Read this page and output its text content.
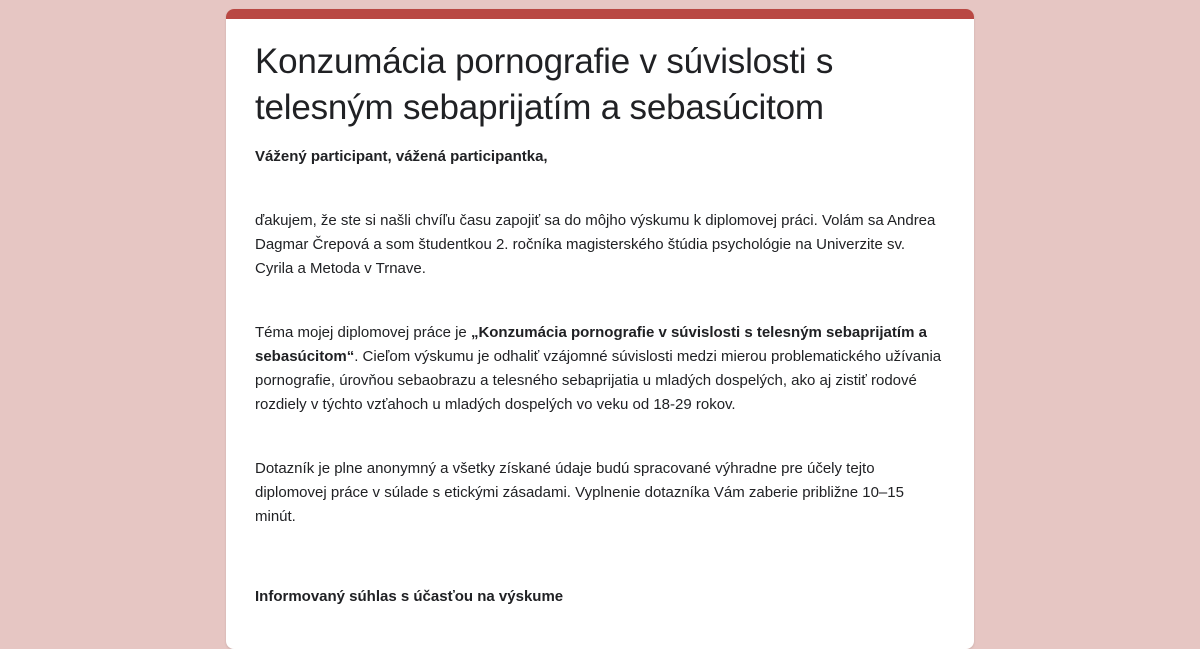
Konzumácia pornografie v súvislosti s telesným sebaprijatím a sebasúcitom

Vážený participant, vážená participantka,

ďakujem, že ste si našli chvíľu času zapojiť sa do môjho výskumu k diplomovej práci. Volám sa Andrea Dagmar Črepová a som študentkou 2. ročníka magisterského štúdia psychológie na Univerzite sv. Cyrila a Metoda v Trnave.

Téma mojej diplomovej práce je „Konzumácia pornografie v súvislosti s telesným sebaprijatím a sebasúcitom“. Cieľom výskumu je odhaliť vzájomné súvislosti medzi mierou problematického užívania pornografie, úrovňou sebaobrazu a telesného sebaprijatia u mladých dospelých, ako aj zistiť rodové rozdiely v týchto vzťahoch u mladých dospelých vo veku od 18-29 rokov.

Dotazník je plne anonymný a všetky získané údaje budú spracované výhradne pre účely tejto diplomovej práce v súlade s etickými zásadami. Vyplnenie dotazníka Vám zaberie približne 10–15 minút.

Informovaný súhlas s účasťou na výskume
